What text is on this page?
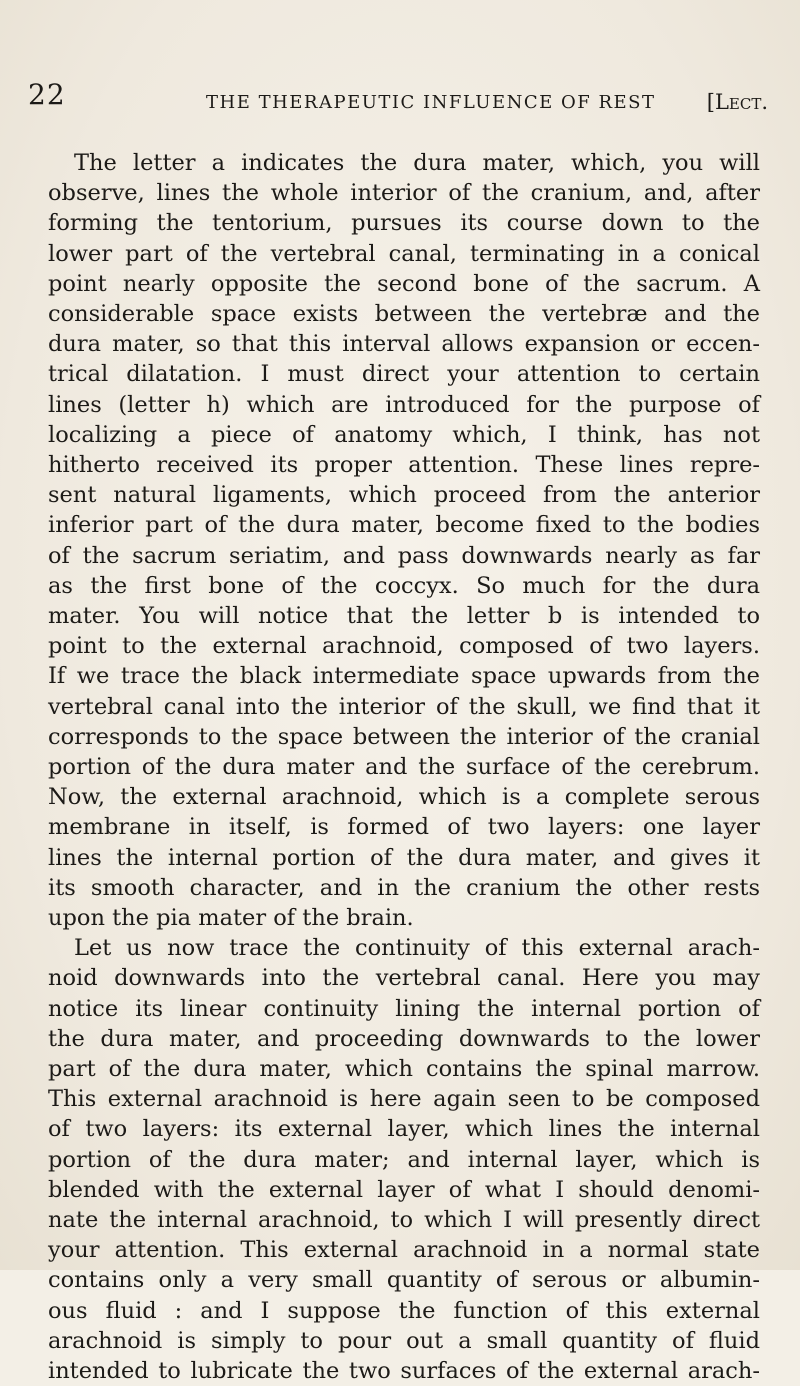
22	THE THERAPEUTIC INFLUENCE OF REST [Lect.
The letter a indicates the dura mater, which, you will
observe, lines the whole interior of the cranium, and, after
forming the tentorium, pursues its course down to the
lower part of the vertebral canal, terminating in a conical
point nearly opposite the second bone of the sacrum. A
considerable space exists between the vertebræ and the
dura mater, so that this interval allows expansion or eccen-
trical dilatation. I must direct your attention to certain
lines (letter h) which are introduced for the purpose of
localizing a piece of anatomy which, I think, has not
hitherto received its proper attention. These lines repre-
sent natural ligaments, which proceed from the anterior
inferior part of the dura mater, become fixed to the bodies
of the sacrum seriatim, and pass downwards nearly as far
as the first bone of the coccyx. So much for the dura
mater. You will notice that the letter b is intended to
point to the external arachnoid, composed of two layers.
If we trace the black intermediate space upwards from the
vertebral canal into the interior of the skull, we find that it
corresponds to the space between the interior of the cranial
portion of the dura mater and the surface of the cerebrum.
Now, the external arachnoid, which is a complete serous
membrane in itself, is formed of two layers: one layer
lines the internal portion of the dura mater, and gives it
its smooth character, and in the cranium the other rests
upon the pia mater of the brain.
Let us now trace the continuity of this external arach-
noid downwards into the vertebral canal. Here you may
notice its linear continuity lining the internal portion of
the dura mater, and proceeding downwards to the lower
part of the dura mater, which contains the spinal marrow.
This external arachnoid is here again seen to be composed
of two layers: its external layer, which lines the internal
portion of the dura mater; and internal layer, which is
blended with the external layer of what I should denomi-
nate the internal arachnoid, to which I will presently direct
your attention. This external arachnoid in a normal state
contains only a very small quantity of serous or albumin-
ous fluid : and I suppose the function of this external
arachnoid is simply to pour out a small quantity of fluid
intended to lubricate the two surfaces of the external arach-
